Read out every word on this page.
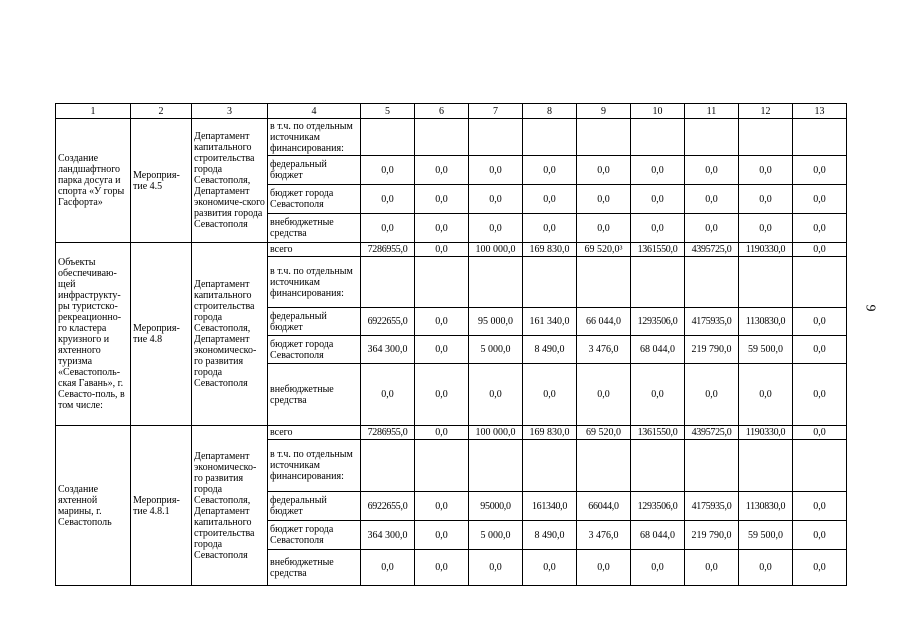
9
1	2	3	4	5	6	7	8	9	10	11	12	13
Создание ландшафтного парка досуга и спорта «У горы Гасфорта»	Мероприя-тие 4.5	Департамент капитального строительства города Севастополя, Департамент экономиче-ского развития города Севастополя	в т.ч. по отдельным источникам финансирования:									
			федеральный бюджет	0,0	0,0	0,0	0,0	0,0	0,0	0,0	0,0	0,0
			бюджет города Севастополя	0,0	0,0	0,0	0,0	0,0	0,0	0,0	0,0	0,0
			внебюджетные средства	0,0	0,0	0,0	0,0	0,0	0,0	0,0	0,0	0,0
Объекты обеспечиваю-щей инфраструкту-ры туристско-рекреационно-го кластера круизного и яхтенного туризма «Севастополь-ская Гавань», г. Севасто-поль, в том числе:	Мероприя-тие 4.8	Департамент капитального строительства города Севастополя, Департамент экономическо-го развития города Севастополя	всего	7286955,0	0,0	100 000,0	169 830,0	69 520,0³	1361550,0	4395725,0	1190330,0	0,0
			в т.ч. по отдельным источникам финансирования:									
			федеральный бюджет	6922655,0	0,0	95 000,0	161 340,0	66 044,0	1293506,0	4175935,0	1130830,0	0,0
			бюджет города Севастополя	364 300,0	0,0	5 000,0	8 490,0	3 476,0	68 044,0	219 790,0	59 500,0	0,0
			внебюджетные средства	0,0	0,0	0,0	0,0	0,0	0,0	0,0	0,0	0,0
Создание яхтенной марины, г. Севастополь	Мероприя-тие 4.8.1	Департамент экономическо-го развития города Севастополя, Департамент капитального строительства города Севастополя	всего	7286955,0	0,0	100 000,0	169 830,0	69 520,0	1361550,0	4395725,0	1190330,0	0,0
			в т.ч. по отдельным источникам финансирования:									
			федеральный бюджет	6922655,0	0,0	95000,0	161340,0	66044,0	1293506,0	4175935,0	1130830,0	0,0
			бюджет города Севастополя	364 300,0	0,0	5 000,0	8 490,0	3 476,0	68 044,0	219 790,0	59 500,0	0,0
			внебюджетные средства	0,0	0,0	0,0	0,0	0,0	0,0	0,0	0,0	0,0
